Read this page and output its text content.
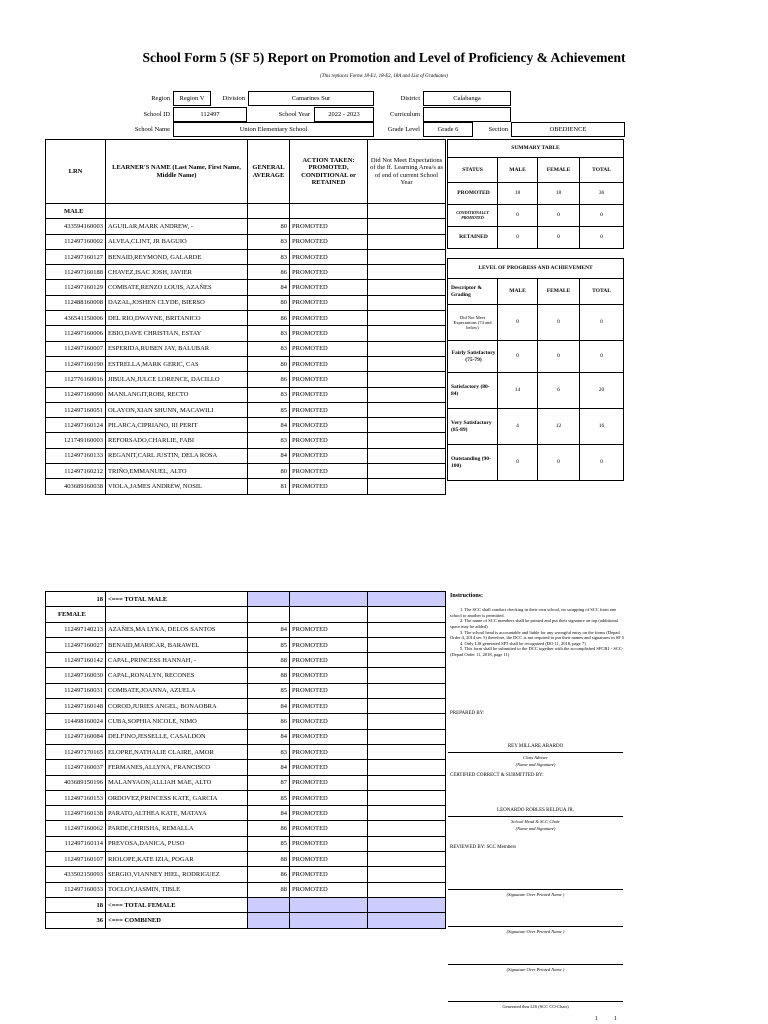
School Form 5 (SF 5) Report on Promotion and Level of Proficiency & Achievement
(This replaces Forms 18-E1, 18-E2, 18A and List of Graduates)
Region	Region V	Division	Camarines Sur	District	Calabanga
School ID	112497	School Year	2022 - 2023	Curriculum
School Name	Union Elementary School	Grade Level	Grade 6	Section	OBEDIENCE
LRN	LEARNER'S NAME (Last Name, First Name, Middle Name)	GENERAL AVERAGE	ACTION TAKEN: PROMOTED, CONDITIONAL or RETAINED	Did Not Meet Expectations of the ff. Learning Area/s as of end of current School Year
MALE				
433594160003	AGUILAR,MARK ANDREW, -	80	PROMOTED	
112497160002	ALVEA,CLINT, JR BAGUIO	83	PROMOTED	
112497160127	BENAID,REYMOND, GALARDE	83	PROMOTED	
112497160188	CHAVEZ,ISAC JOSH, JAVIER	86	PROMOTED	
112497160129	COMBATE,RENZO LOUIS, AZAÑES	84	PROMOTED	
112488160008	DAZAL,JOSHEN CLYDE, BIERSO	80	PROMOTED	
436541150006	DEL RIO,DWAYNE, BRITANICO	86	PROMOTED	
112497160006	EBIO,DAVE CHRISTIAN, ESTAY	83	PROMOTED	
112497160007	ESPERIDA,RUBEN JAY, BALUBAR	83	PROMOTED	
112497160190	ESTRELLA,MARK GERIC, CAS	80	PROMOTED	
112776160016	JIBULAN,JULCE LORENCE, DACILLO	86	PROMOTED	
112497160090	MANLANGIT,ROBI, RECTO	83	PROMOTED	
112497160051	OLAYON,XIAN SHUNN, MACAWILI	85	PROMOTED	
112497160124	PILARCA,CIPRIANO, III PERIT	84	PROMOTED	
121749160003	REFORSADO,CHARLIE, FABI	83	PROMOTED	
112497160133	REGANIT,CARL JUSTIN, DELA ROSA	84	PROMOTED	
112497160212	TRIÑO,EMMANUEL, ALTO	80	PROMOTED	
403689160038	VIOLA,JAMES ANDREW, NOSIL	81	PROMOTED	
18	<=== TOTAL MALE			
FEMALE				
112497140213	AZAÑES,MA LYKA, DELOS SANTOS	84	PROMOTED	
112497160027	BENAID,MARICAR, BARAWEL	85	PROMOTED	
112497160142	CAPAL,PRINCESS HANNAH, -	88	PROMOTED	
112497160030	CAPAL,RONALYN, RECONES	88	PROMOTED	
112497160031	COMBATE,JOANNA, AZUELA	85	PROMOTED	
112497160148	COROD,JURIES ANGEL, BONAOBRA	84	PROMOTED	
114498160024	CUBA,SOPHIA NICOLE, NIMO	86	PROMOTED	
112497160084	DELFINO,JESSELLE, CASALDON	84	PROMOTED	
112497170165	ELOPRE,NATHALIE CLAIRE, AMOR	83	PROMOTED	
112497160037	FERMANES,ALLYNA, FRANCISCO	84	PROMOTED	
403689150196	MALANYAON,ALLIAH MAE, ALTO	87	PROMOTED	
112497160153	ORDOVEZ,PRINCESS KATE, GARCIA	85	PROMOTED	
112497160138	PARATO,ALTHEA KATE, MATAYA	84	PROMOTED	
112497160062	PARDE,CHRISHA, REMALLA	86	PROMOTED	
112497160114	PREVOSA,DANICA, PUSO	85	PROMOTED	
112497160107	RIOLOPE,KATE IZIA, POGAR	88	PROMOTED	
433502150093	SERGIO,VIANNEY HIEL, RODRIGUEZ	86	PROMOTED	
112497160033	TOCLOY,JASMIN, TIBLE	88	PROMOTED	
18	<=== TOTAL FEMALE			
36	<=== COMBINED			
SUMMARY TABLE			
STATUS	MALE	FEMALE	TOTAL
PROMOTED	18	18	36
CONDITIONALLY PROMOTED	0	0	0
RETAINED	0	0	0
LEVEL OF PROGRESS AND ACHIEVEMENT			
Descriptor & Grading	MALE	FEMALE	TOTAL
Did Not Meet Expectations (74 and below)	0	0	0
Fairly Satisfactory (75-79)	0	0	0
Satisfactory (80-84)	14	6	20
Very Satisfactory (85-89)	4	12	16
Outstanding (90-100)	0	0	0
Instructions:

1. The SCC shall conduct checking in their own school, no swapping of SCC from one school to another is permitted.

2. The name of SCC members shall be printed and put their signature on top (additional space may be added)

3. The school head is accountable and liable for any wrongful entry on the forms (Depad Order 4, 2014 sec 5) therefore, the DCC is not required to put their names and signatures in SF 5

4. Only LIS generated SF5 shall be recognized (DO 11, 2018, page 7)

5. This form shall be submitted to the DCC together with the accomplished SFCR1 - SCC- (Depad Order 11, 2018, page 11)

PREPARED BY:
REY MILLARE ABARDO
Class Adviser
(Name and Signature)
CERTIFIED CORRECT & SUBMITTED BY:
LEONARDO ROBLES BELDUA JR.
School Head & SCC Chair
(Name and Signature)
REVIEWED BY: SCC Members
(Signature Over Printed Name )
(Signature Over Printed Name )
(Signature Over Printed Name )
Generated thru LIS (SCC CO-Chair)
1	1
